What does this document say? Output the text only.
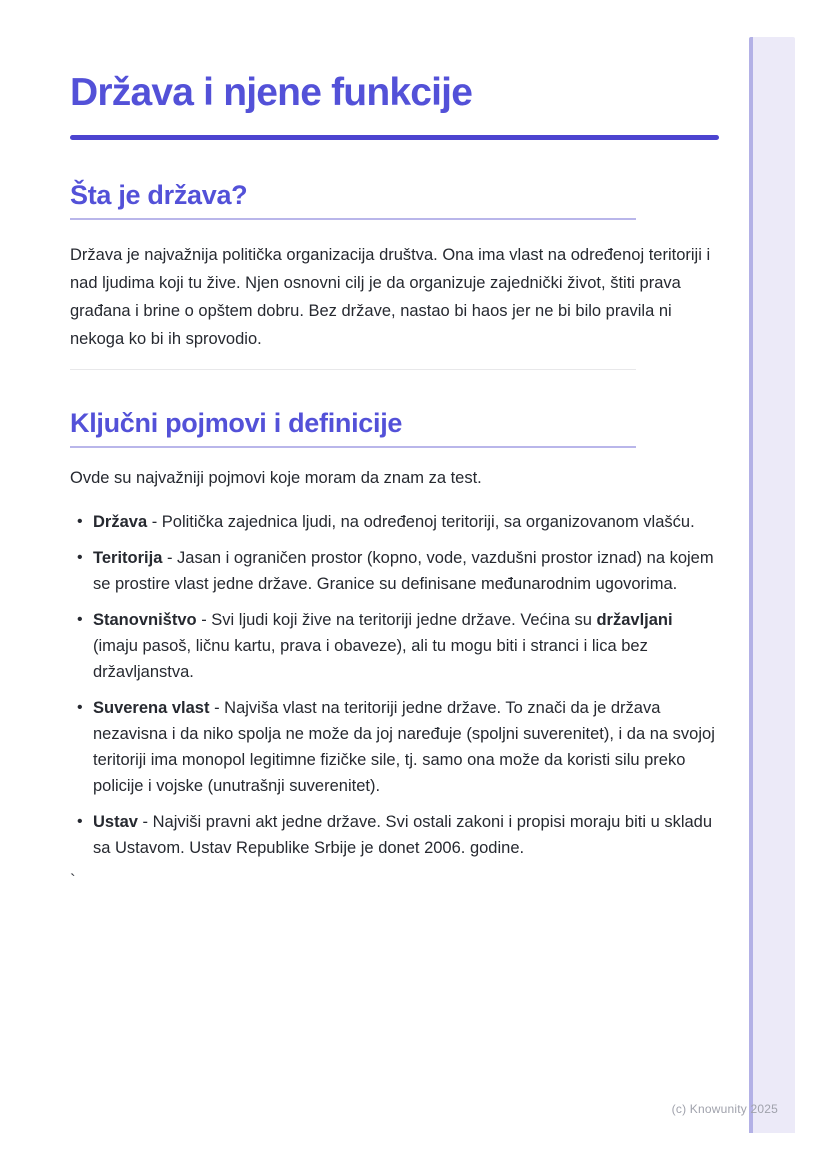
Država i njene funkcije
Šta je država?

Država je najvažnija politička organizacija društva. Ona ima vlast na određenoj teritoriji i nad ljudima koji tu žive. Njen osnovni cilj je da organizuje zajednički život, štiti prava građana i brine o opštem dobru. Bez države, nastao bi haos jer ne bi bilo pravila ni nekoga ko bi ih sprovodio.

Ključni pojmovi i definicije

Ovde su najvažniji pojmovi koje moram da znam za test.

• Država - Politička zajednica ljudi, na određenoj teritoriji, sa organizovanom vlašću.
• Teritorija - Jasan i ograničen prostor (kopno, vode, vazdušni prostor iznad) na kojem se prostire vlast jedne države. Granice su definisane međunarodnim ugovorima.
• Stanovništvo - Svi ljudi koji žive na teritoriji jedne države. Većina su državljani (imaju pasoš, ličnu kartu, prava i obaveze), ali tu mogu biti i stranci i lica bez državljanstva.
• Suverena vlast - Najviša vlast na teritoriji jedne države. To znači da je država nezavisna i da niko spolja ne može da joj naređuje (spoljni suverenitet), i da na svojoj teritoriji ima monopol legitimne fizičke sile, tj. samo ona može da koristi silu preko policije i vojske (unutrašnji suverenitet).
• Ustav - Najviši pravni akt jedne države. Svi ostali zakoni i propisi moraju biti u skladu sa Ustavom. Ustav Republike Srbije je donet 2006. godine.

`

(c) Knowunity 2025
